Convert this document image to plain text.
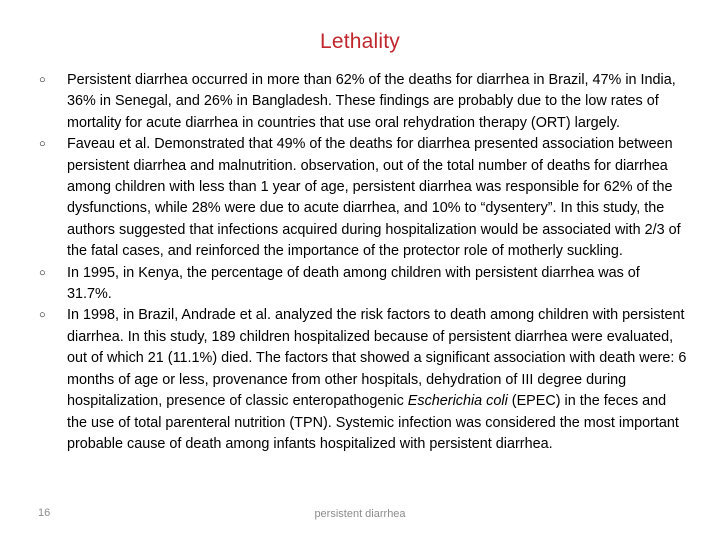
Lethality
○	Persistent diarrhea occurred in more than 62% of the deaths for diarrhea in Brazil, 47% in India, 36% in Senegal, and 26% in Bangladesh. These findings are probably due to the low rates of mortality for acute diarrhea in countries that use oral rehydration therapy (ORT) largely.
○	Faveau et al. Demonstrated that 49% of the deaths for diarrhea presented association between persistent diarrhea and malnutrition. observation, out of the total number of deaths for diarrhea among children with less than 1 year of age, persistent diarrhea was responsible for 62% of the dysfunctions, while 28% were due to acute diarrhea, and 10% to “dysentery”. In this study, the authors suggested that infections acquired during hospitalization would be associated with 2/3 of the fatal cases, and reinforced the importance of the protector role of motherly suckling.
○	In 1995, in Kenya, the percentage of death among children with persistent diarrhea was of 31.7%.
○	In 1998, in Brazil, Andrade et al. analyzed the risk factors to death among children with persistent diarrhea. In this study, 189 children hospitalized because of persistent diarrhea were evaluated, out of which 21 (11.1%) died. The factors that showed a significant association with death were: 6 months of age or less, provenance from other hospitals, dehydration of III degree during hospitalization, presence of classic enteropathogenic Escherichia coli (EPEC) in the feces and the use of total parenteral nutrition (TPN). Systemic infection was considered the most important probable cause of death among infants hospitalized with persistent diarrhea.
16	persistent diarrhea
